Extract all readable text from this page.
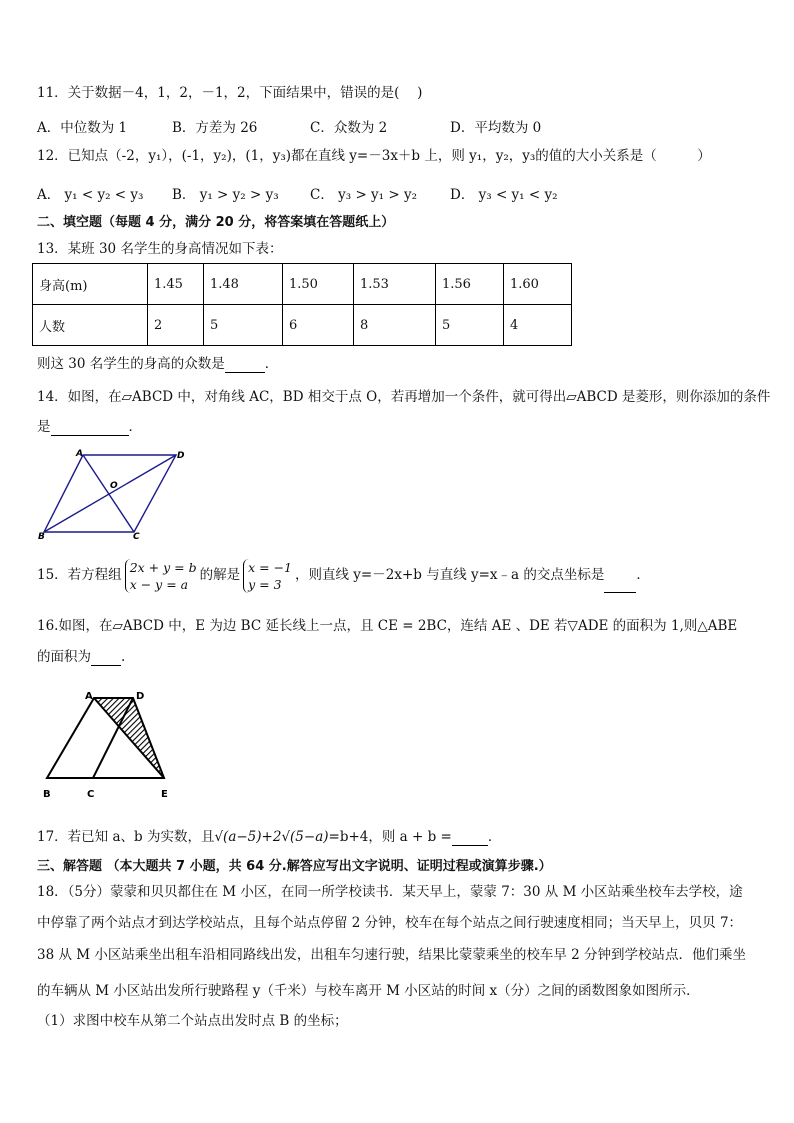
11．关于数据－4，1，2，－1，2，下面结果中，错误的是(　 )
A．中位数为 1	B．方差为 26	C．众数为 2	D．平均数为 0
12．已知点（-2，y₁），(-1，y₂)，(1，y₃)都在直线 y=－3x＋b 上，则 y₁，y₂，y₃的值的大小关系是（　　　）
A． y₁ < y₂ < y₃ B． y₁ > y₂ > y₃ C． y₃ > y₁ > y₂ D． y₃ < y₁ < y₂
二、填空题（每题 4 分，满分 20 分，将答案填在答题纸上）
13．某班 30 名学生的身高情况如下表：
身高(m)	1.45	1.48	1.50	1.53	1.56	1.60
人数	2	5	6	8	5	4
则这 30 名学生的身高的众数是	．
14．如图，在▱ABCD 中，对角线 AC，BD 相交于点 O，若再增加一个条件，就可得出▱ABCD 是菱形，则你添加的条件
是	．
A	D
O
B	C
15．若方程组 2x + y = b
x − y = a的解是 x = −1
y = 3，则直线 y=－2x+b 与直线 y=x﹣a 的交点坐标是 ．
16.如图，在▱ABCD 中，E 为边 BC 延长线上一点，且 CE = 2BC，连结 AE 、DE 若▽ADE 的面积为 1,则△ABE
的面积为 .
A	D
B	C	E
17．若已知 a、b 为实数，且√(a−5)+2√(5−a)=b+4，则 a + b =	．
三、解答题 （本大题共 7 小题，共 64 分.解答应写出文字说明、证明过程或演算步骤.）
18．（5分）蒙蒙和贝贝都住在 M 小区，在同一所学校读书．某天早上，蒙蒙 7：30 从 M 小区站乘坐校车去学校，途
中停靠了两个站点才到达学校站点，且每个站点停留 2 分钟，校车在每个站点之间行驶速度相同；当天早上，贝贝 7：
38 从 M 小区站乘坐出租车沿相同路线出发，出租车匀速行驶，结果比蒙蒙乘坐的校车早 2 分钟到学校站点．他们乘坐
的车辆从 M 小区站出发所行驶路程 y（千米）与校车离开 M 小区站的时间 x（分）之间的函数图象如图所示．
（1）求图中校车从第二个站点出发时点 B 的坐标；
